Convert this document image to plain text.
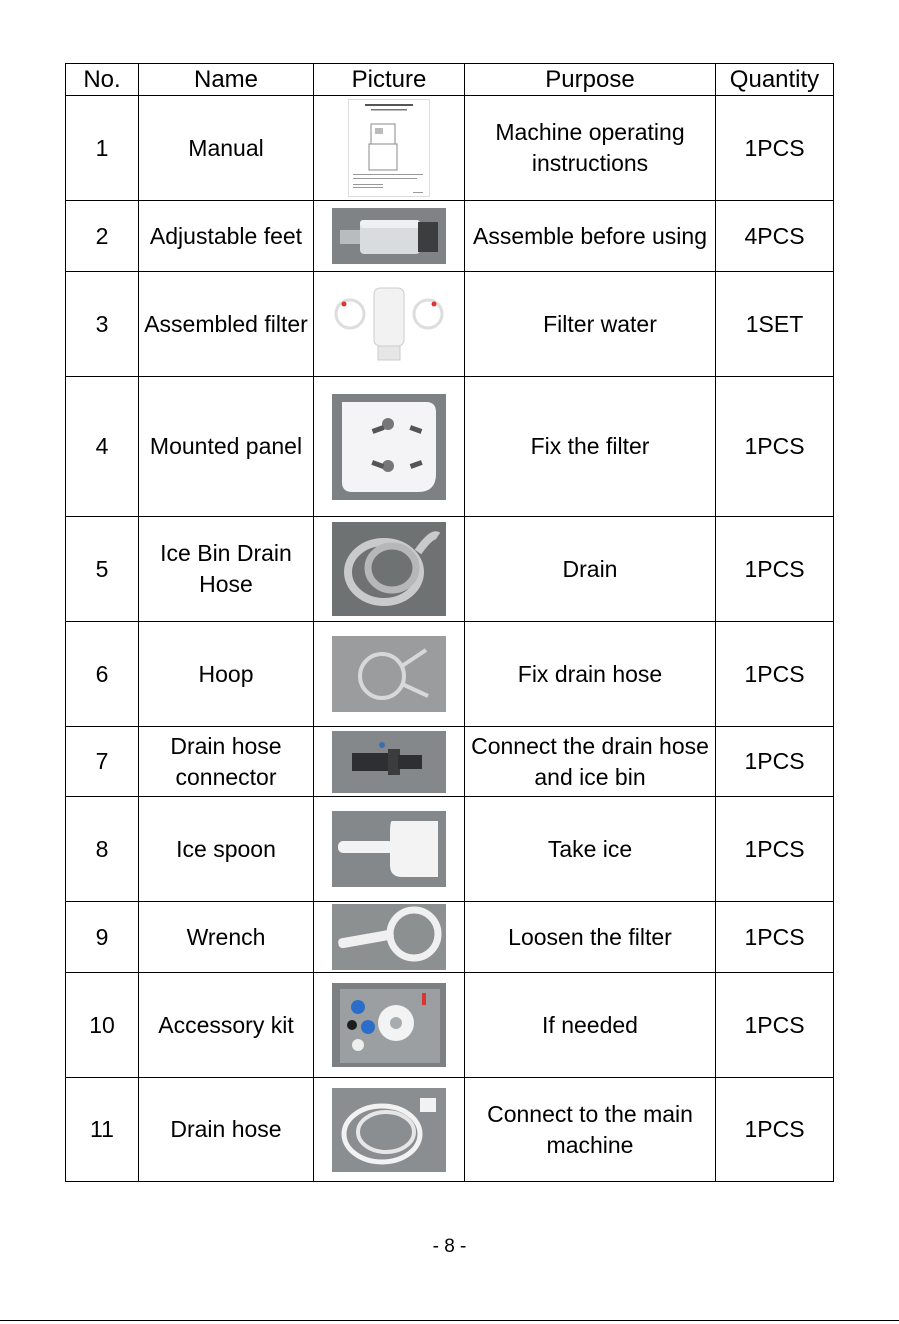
No.	Name	Picture	Purpose	Quantity
1	Manual		Machine operating instructions	1PCS
2	Adjustable feet		Assemble before using	4PCS
3	Assembled filter		Filter water	1SET
4	Mounted panel		Fix the filter	1PCS
5	Ice Bin Drain Hose		Drain	1PCS
6	Hoop		Fix drain hose	1PCS
7	Drain hose connector		Connect the drain hose and ice bin	1PCS
8	Ice spoon		Take ice	1PCS
9	Wrench		Loosen the filter	1PCS
10	Accessory kit		If needed	1PCS
11	Drain hose		Connect to the main machine	1PCS
- 8 -
